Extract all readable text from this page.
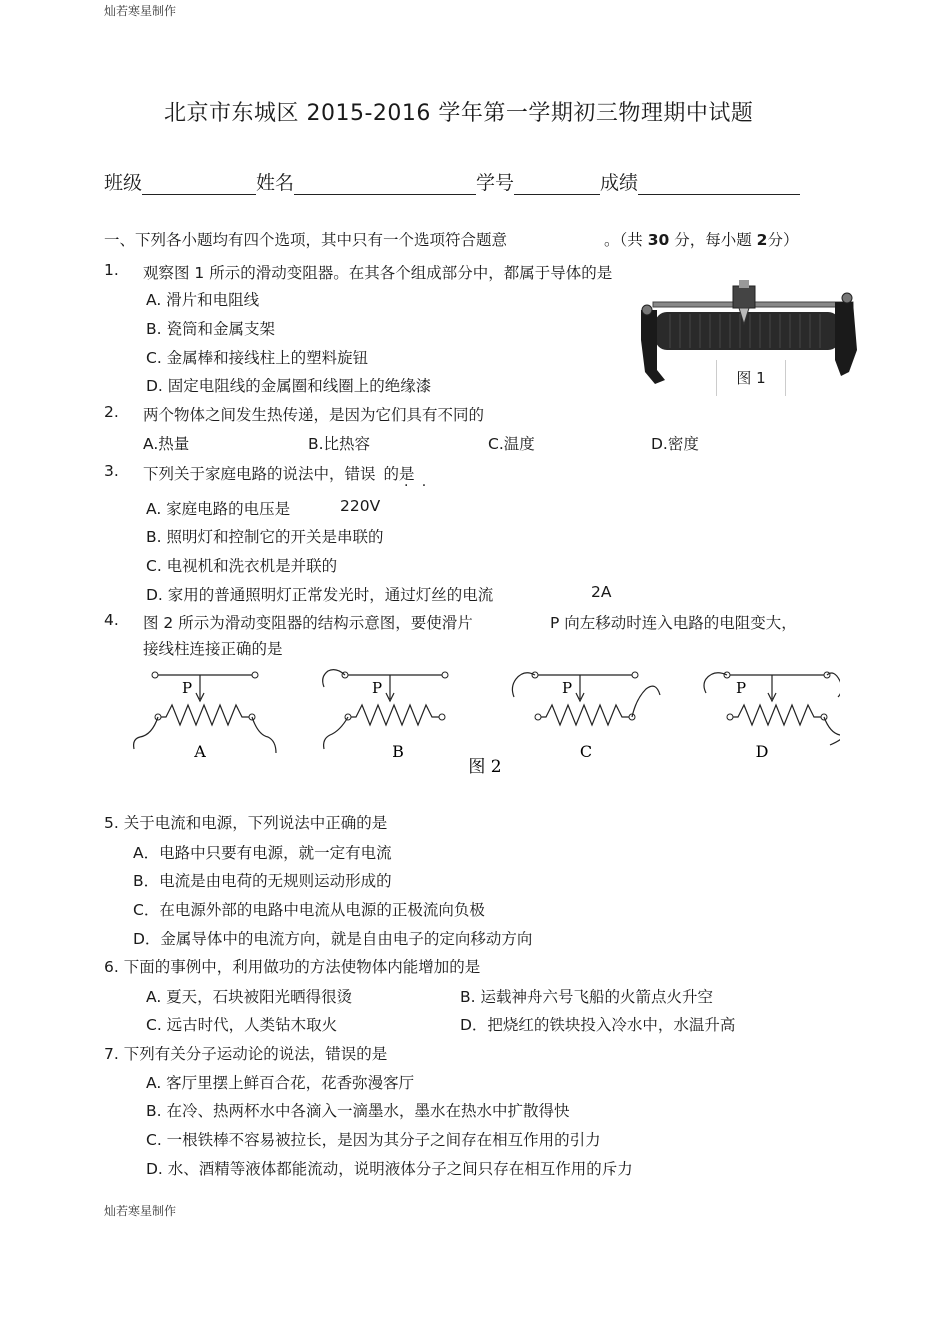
灿若寒星制作
灿若寒星制作
北京市东城区 2015-2016 学年第一学期初三物理期中试题
班级	姓名	学号	成绩
一、下列各小题均有四个选项，其中只有一个选项符合题意	。（共 30 分，每小题 2分）
1. 观察图 1 所示的滑动变阻器。在其各个组成部分中，都属于导体的是
A. 滑片和电阻线
B. 瓷筒和金属支架
C. 金属棒和接线柱上的塑料旋钮
D. 固定电阻线的金属圈和线圈上的绝缘漆	图 1
2. 两个物体之间发生热传递，是因为它们具有不同的
A.热量	B.比热容	C.温度	D.密度
3. 下列关于家庭电路的说法中，错误 的是
.   .
A. 家庭电路的电压是	220V
B. 照明灯和控制它的开关是串联的
C. 电视机和洗衣机是并联的
D. 家用的普通照明灯正常发光时，通过灯丝的电流	2A
4. 图 2 所示为滑动变阻器的结构示意图，要使滑片	P 向左移动时连入电路的电阻变大，
接线柱连接正确的是
P
A
P
B
P
C
P
D
图 2
5. 关于电流和电源，下列说法中正确的是
A．电路中只要有电源，就一定有电流
B．电流是由电荷的无规则运动形成的
C．在电源外部的电路中电流从电源的正极流向负极
D．金属导体中的电流方向，就是自由电子的定向移动方向
6. 下面的事例中，利用做功的方法使物体内能增加的是
A. 夏天，石块被阳光晒得很烫	B. 运载神舟六号飞船的火箭点火升空
C. 远古时代，人类钻木取火	D．把烧红的铁块投入冷水中，水温升高
7. 下列有关分子运动论的说法，错误的是
A. 客厅里摆上鲜百合花，花香弥漫客厅
B. 在冷、热两杯水中各滴入一滴墨水，墨水在热水中扩散得快
C. 一根铁棒不容易被拉长，是因为其分子之间存在相互作用的引力
D. 水、酒精等液体都能流动，说明液体分子之间只存在相互作用的斥力
